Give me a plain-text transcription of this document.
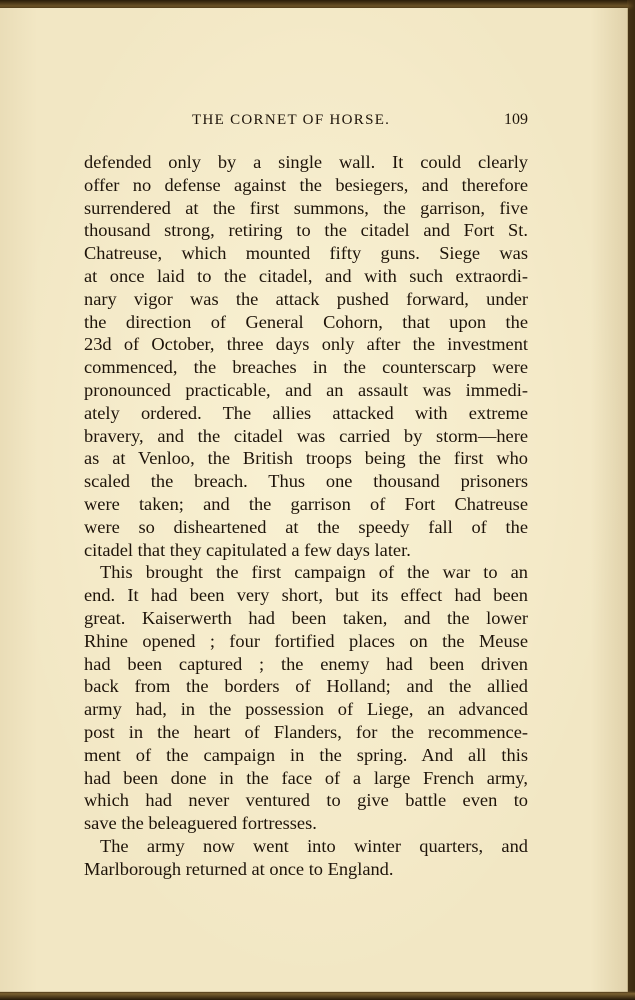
THE CORNET OF HORSE.	109
defended only by a single wall. It could clearly
offer no defense against the besiegers, and therefore
surrendered at the first summons, the garrison, five
thousand strong, retiring to the citadel and Fort St.
Chatreuse, which mounted fifty guns. Siege was
at once laid to the citadel, and with such extraordi-
nary vigor was the attack pushed forward, under
the direction of General Cohorn, that upon the
23d of October, three days only after the investment
commenced, the breaches in the counterscarp were
pronounced practicable, and an assault was immedi-
ately ordered. The allies attacked with extreme
bravery, and the citadel was carried by storm—here
as at Venloo, the British troops being the first who
scaled the breach. Thus one thousand prisoners
were taken; and the garrison of Fort Chatreuse
were so disheartened at the speedy fall of the
citadel that they capitulated a few days later.
This brought the first campaign of the war to an
end. It had been very short, but its effect had been
great. Kaiserwerth had been taken, and the lower
Rhine opened ; four fortified places on the Meuse
had been captured ; the enemy had been driven
back from the borders of Holland; and the allied
army had, in the possession of Liege, an advanced
post in the heart of Flanders, for the recommence-
ment of the campaign in the spring. And all this
had been done in the face of a large French army,
which had never ventured to give battle even to
save the beleaguered fortresses.
The army now went into winter quarters, and
Marlborough returned at once to England.
